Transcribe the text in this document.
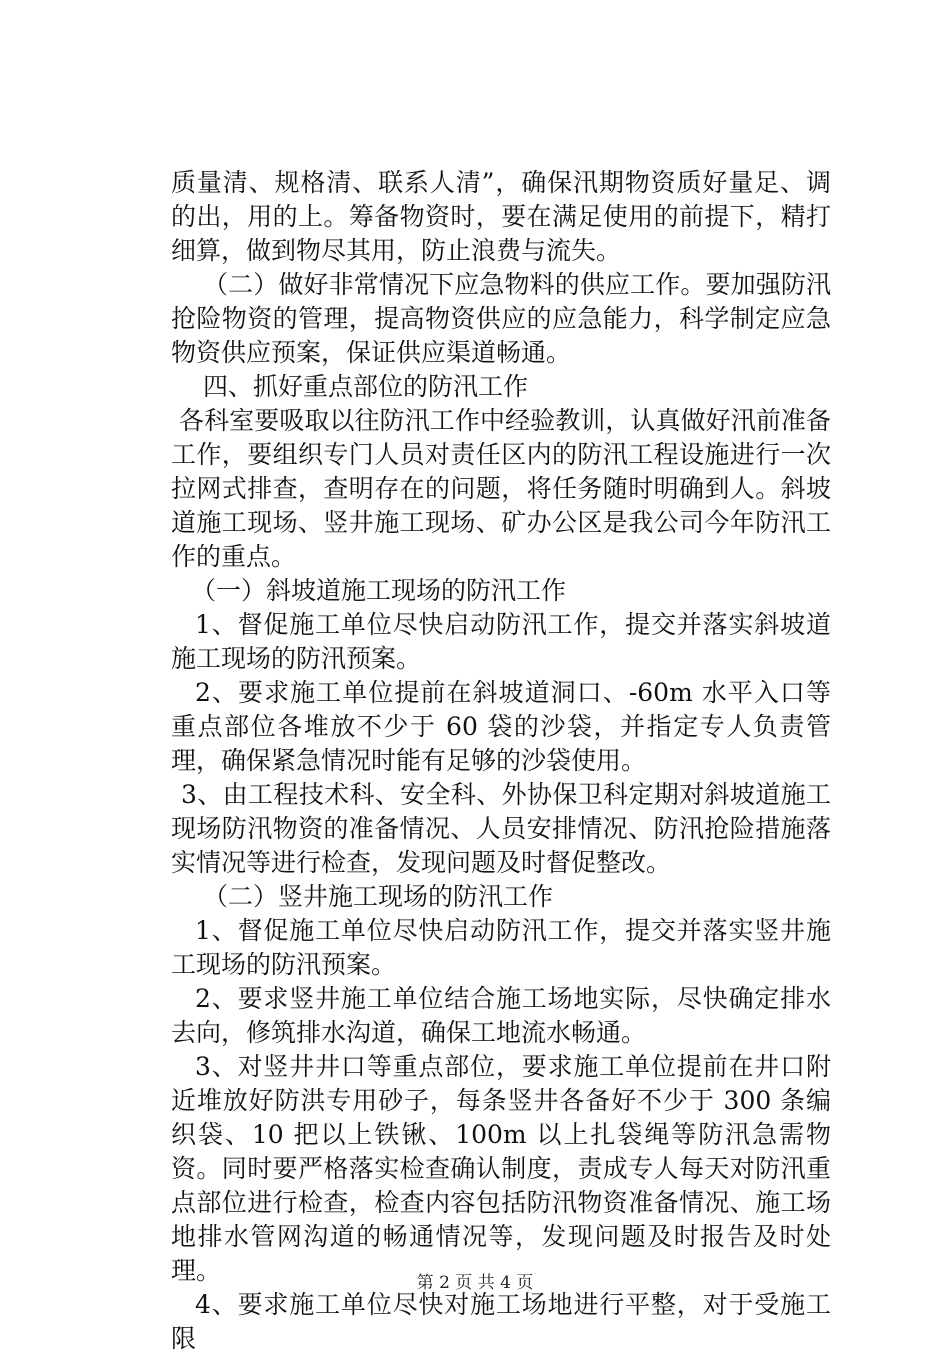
质量清、规格清、联系人清”，确保汛期物资质好量足、调的出，用的上。筹备物资时，要在满足使用的前提下，精打细算，做到物尽其用，防止浪费与流失。

（二）做好非常情况下应急物料的供应工作。要加强防汛抢险物资的管理，提高物资供应的应急能力，科学制定应急物资供应预案，保证供应渠道畅通。

四、抓好重点部位的防汛工作

各科室要吸取以往防汛工作中经验教训，认真做好汛前准备工作，要组织专门人员对责任区内的防汛工程设施进行一次拉网式排查，查明存在的问题，将任务随时明确到人。斜坡道施工现场、竖井施工现场、矿办公区是我公司今年防汛工作的重点。

（一）斜坡道施工现场的防汛工作

1、督促施工单位尽快启动防汛工作，提交并落实斜坡道施工现场的防汛预案。

2、要求施工单位提前在斜坡道洞口、-60m 水平入口等重点部位各堆放不少于 60 袋的沙袋，并指定专人负责管理，确保紧急情况时能有足够的沙袋使用。

3、由工程技术科、安全科、外协保卫科定期对斜坡道施工现场防汛物资的准备情况、人员安排情况、防汛抢险措施落实情况等进行检查，发现问题及时督促整改。

（二）竖井施工现场的防汛工作

1、督促施工单位尽快启动防汛工作，提交并落实竖井施工现场的防汛预案。

2、要求竖井施工单位结合施工场地实际，尽快确定排水去向，修筑排水沟道，确保工地流水畅通。

3、对竖井井口等重点部位，要求施工单位提前在井口附近堆放好防洪专用砂子，每条竖井各备好不少于 300 条编织袋、10 把以上铁锹、100m 以上扎袋绳等防汛急需物资。同时要严格落实检查确认制度，责成专人每天对防汛重点部位进行检查，检查内容包括防汛物资准备情况、施工场地排水管网沟道的畅通情况等，发现问题及时报告及时处理。

4、要求施工单位尽快对施工场地进行平整，对于受施工限

第 2 页 共 4 页
